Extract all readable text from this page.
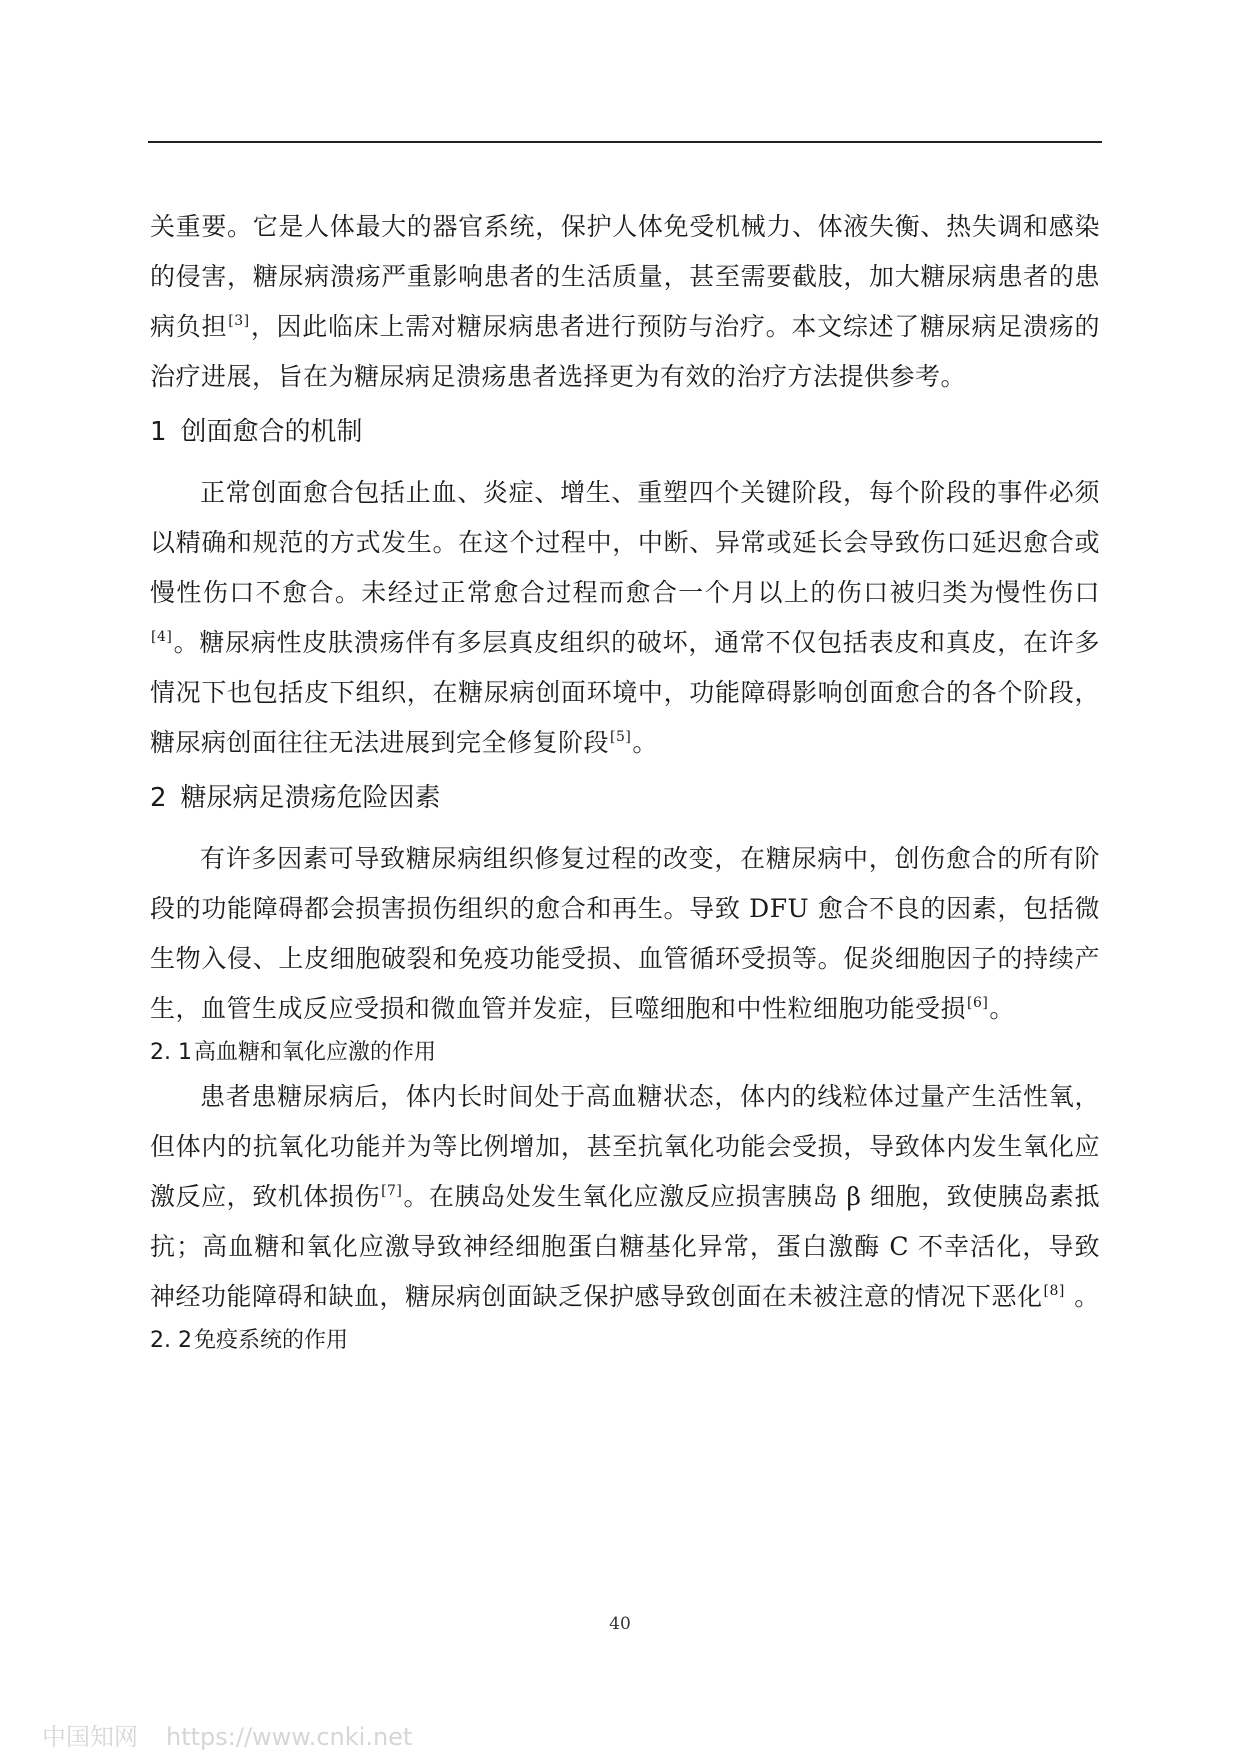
关重要。它是人体最大的器官系统，保护人体免受机械力、体液失衡、热失调和感染的侵害，糖尿病溃疡严重影响患者的生活质量，甚至需要截肢，加大糖尿病患者的患病负担[3]，因此临床上需对糖尿病患者进行预防与治疗。本文综述了糖尿病足溃疡的治疗进展，旨在为糖尿病足溃疡患者选择更为有效的治疗方法提供参考。

1 创面愈合的机制

正常创面愈合包括止血、炎症、增生、重塑四个关键阶段，每个阶段的事件必须以精确和规范的方式发生。在这个过程中，中断、异常或延长会导致伤口延迟愈合或慢性伤口不愈合。未经过正常愈合过程而愈合一个月以上的伤口被归类为慢性伤口[4]。糖尿病性皮肤溃疡伴有多层真皮组织的破坏，通常不仅包括表皮和真皮，在许多情况下也包括皮下组织，在糖尿病创面环境中，功能障碍影响创面愈合的各个阶段，糖尿病创面往往无法进展到完全修复阶段[5]。

2 糖尿病足溃疡危险因素

有许多因素可导致糖尿病组织修复过程的改变，在糖尿病中，创伤愈合的所有阶段的功能障碍都会损害损伤组织的愈合和再生。导致 DFU 愈合不良的因素，包括微生物入侵、上皮细胞破裂和免疫功能受损、血管循环受损等。促炎细胞因子的持续产生，血管生成反应受损和微血管并发症，巨噬细胞和中性粒细胞功能受损[6]。

2. 1高血糖和氧化应激的作用

患者患糖尿病后，体内长时间处于高血糖状态，体内的线粒体过量产生活性氧，但体内的抗氧化功能并为等比例增加，甚至抗氧化功能会受损，导致体内发生氧化应激反应，致机体损伤[7]。在胰岛处发生氧化应激反应损害胰岛 β 细胞，致使胰岛素抵抗；高血糖和氧化应激导致神经细胞蛋白糖基化异常，蛋白激酶 C 不幸活化，导致神经功能障碍和缺血，糖尿病创面缺乏保护感导致创面在未被注意的情况下恶化[8] 。

2. 2免疫系统的作用
40
中国知网 https://www.cnki.net
